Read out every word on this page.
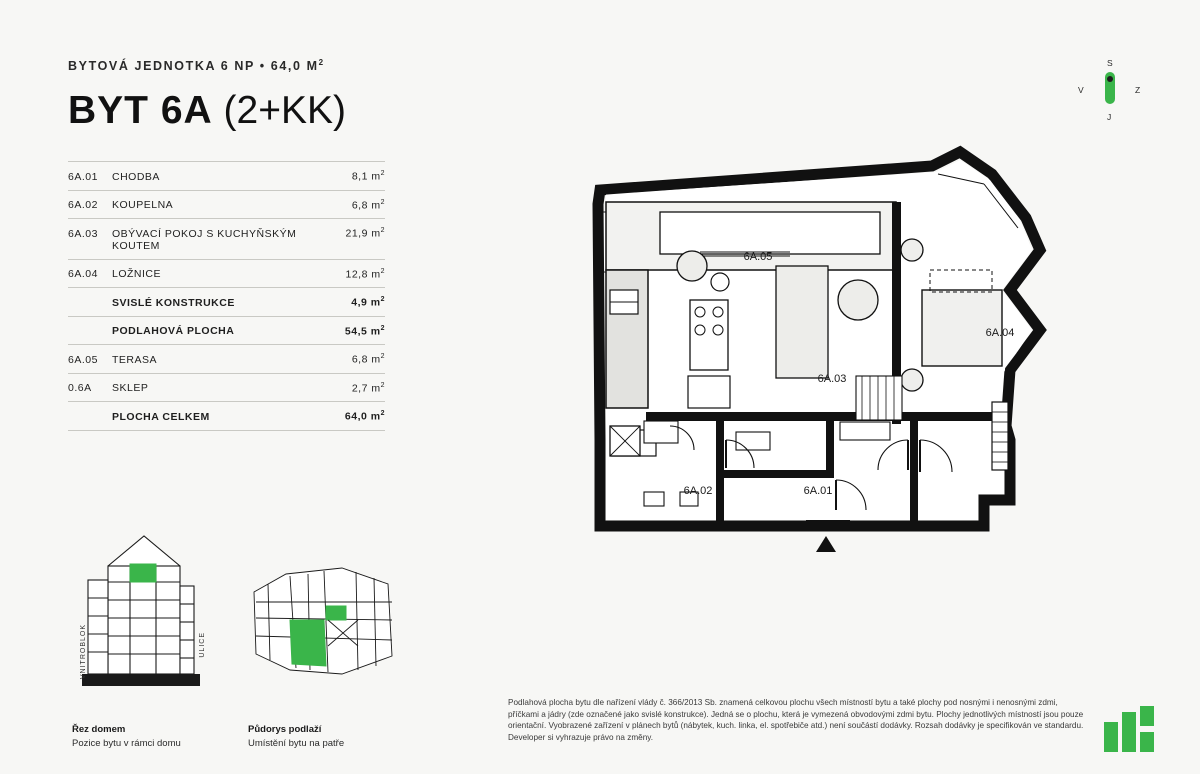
BYTOVÁ JEDNOTKA 6 NP • 64,0 $M^2$
BYT 6A (2+KK)
6A.01	CHODBA	8,1 $m^2$
6A.02	KOUPELNA	6,8 $m^2$
6A.03	OBÝVACÍ POKOJ S KUCHYŇSKÝM KOUTEM	21,9 $m^2$
6A.04	LOŽNICE	12,8 $m^2$
	SVISLÉ KONSTRUKCE	4,9 $m^2$
	PODLAHOVÁ PLOCHA	54,5 $m^2$
6A.05	TERASA	6,8 $m^2$
0.6A	SKLEP	2,7 $m^2$
	PLOCHA CELKEM	64,0 $m^2$
VNITROBLOK	ULICE
Řez domem
Pozice bytu v rámci domu
Půdorys podlaží
Umístění bytu na patře
S
J
V	Z
6A.05
6A.04
6A.03
6A.02	6A.01
Podlahová plocha bytu dle nařízení vlády č. 366/2013 Sb. znamená celkovou plochu všech místností bytu a také plochy pod nosnými i nenosnými zdmi, příčkami a jádry (zde označené jako svislé konstrukce). Jedná se o plochu, která je vymezená obvodovými zdmi bytu. Plochy jednotlivých místností jsou pouze orientační. Vyobrazené zařízení v plánech bytů (nábytek, kuch. linka, el. spotřebiče atd.) není součástí dodávky. Rozsah dodávky je specifikován ve standardu. Developer si vyhrazuje právo na změny.
